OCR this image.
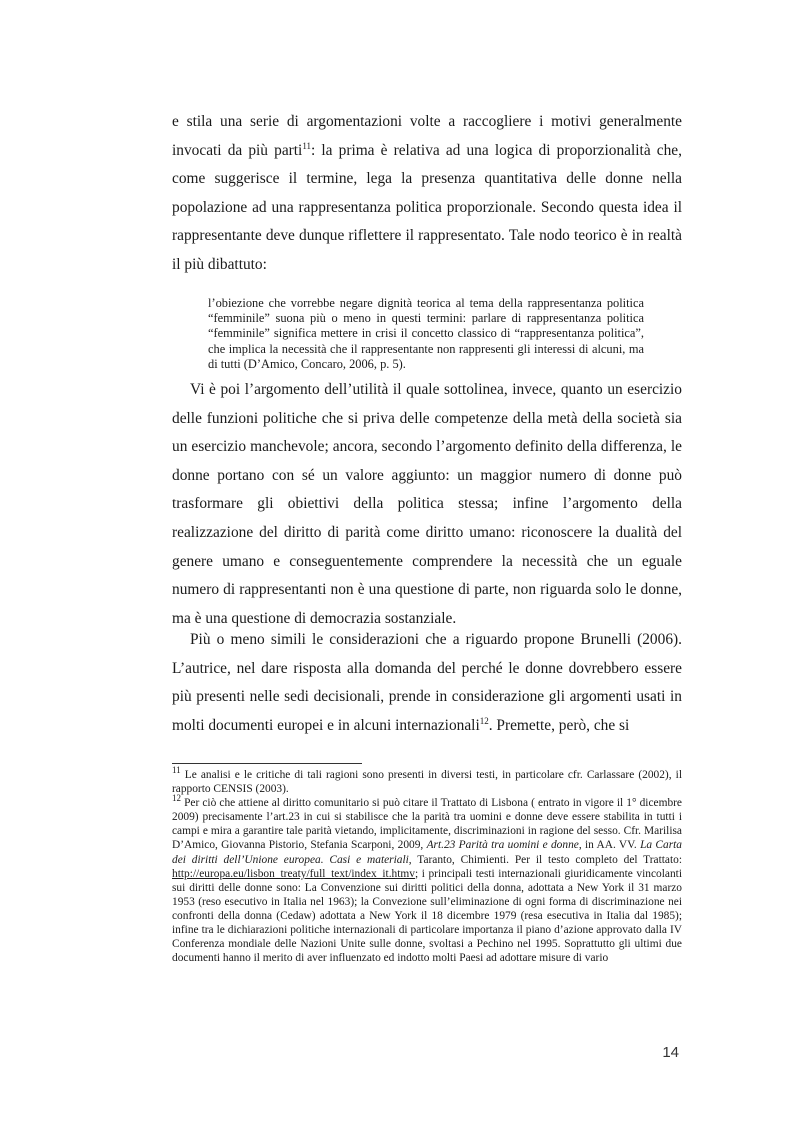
e stila una serie di argomentazioni volte a raccogliere i motivi generalmente invocati da più parti$^{11}$: la prima è relativa ad una logica di proporzionalità che, come suggerisce il termine, lega la presenza quantitativa delle donne nella popolazione ad una rappresentanza politica proporzionale. Secondo questa idea il rappresentante deve dunque riflettere il rappresentato. Tale nodo teorico è in realtà il più dibattuto:

l’obiezione che vorrebbe negare dignità teorica al tema della rappresentanza politica “femminile” suona più o meno in questi termini: parlare di rappresentanza politica “femminile” significa mettere in crisi il concetto classico di “rappresentanza politica”, che implica la necessità che il rappresentante non rappresenti gli interessi di alcuni, ma di tutti (D’Amico, Concaro, 2006, p. 5).

Vi è poi l’argomento dell’utilità il quale sottolinea, invece, quanto un esercizio delle funzioni politiche che si priva delle competenze della metà della società sia un esercizio manchevole; ancora, secondo l’argomento definito della differenza, le donne portano con sé un valore aggiunto: un maggior numero di donne può trasformare gli obiettivi della politica stessa; infine l’argomento della realizzazione del diritto di parità come diritto umano: riconoscere la dualità del genere umano e conseguentemente comprendere la necessità che un eguale numero di rappresentanti non è una questione di parte, non riguarda solo le donne, ma è una questione di democrazia sostanziale.

Più o meno simili le considerazioni che a riguardo propone Brunelli (2006). L’autrice, nel dare risposta alla domanda del perché le donne dovrebbero essere più presenti nelle sedi decisionali, prende in considerazione gli argomenti usati in molti documenti europei e in alcuni internazionali$^{12}$. Premette, però, che si

$^{11}$ Le analisi e le critiche di tali ragioni sono presenti in diversi testi, in particolare cfr. Carlassare (2002), il rapporto CENSIS (2003).

$^{12}$ Per ciò che attiene al diritto comunitario si può citare il Trattato di Lisbona ( entrato in vigore il 1° dicembre 2009) precisamente l’art.23 in cui si stabilisce che la parità tra uomini e donne deve essere stabilita in tutti i campi e mira a garantire tale parità vietando, implicitamente, discriminazioni in ragione del sesso. Cfr. Marilisa D’Amico, Giovanna Pistorio, Stefania Scarponi, 2009, Art.23 Parità tra uomini e donne, in AA. VV. La Carta dei diritti dell’Unione europea. Casi e materiali, Taranto, Chimienti. Per il testo completo del Trattato: http://europa.eu/lisbon_treaty/full_text/index_it.htmv; i principali testi internazionali giuridicamente vincolanti sui diritti delle donne sono: La Convenzione sui diritti politici della donna, adottata a New York il 31 marzo 1953 (reso esecutivo in Italia nel 1963); la Convezione sull’eliminazione di ogni forma di discriminazione nei confronti della donna (Cedaw) adottata a New York il 18 dicembre 1979 (resa esecutiva in Italia dal 1985); infine tra le dichiarazioni politiche internazionali di particolare importanza il piano d’azione approvato dalla IV Conferenza mondiale delle Nazioni Unite sulle donne, svoltasi a Pechino nel 1995. Soprattutto gli ultimi due documenti hanno il merito di aver influenzato ed indotto molti Paesi ad adottare misure di vario

14
